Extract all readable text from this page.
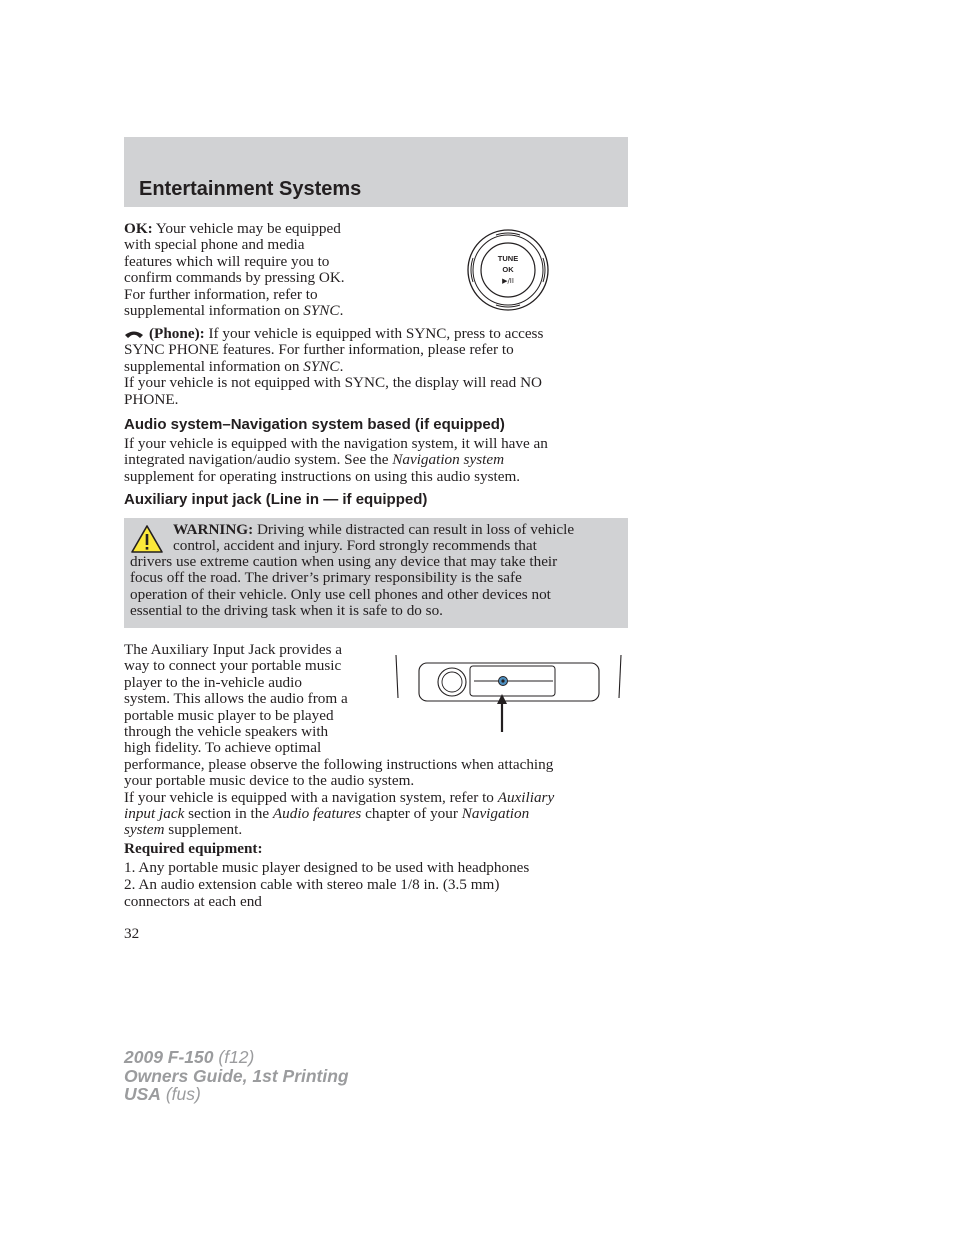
Entertainment Systems

OK: Your vehicle may be equipped

with special phone and media

features which will require you to

confirm commands by pressing OK.

For further information, refer to

supplemental information on SYNC.

TUNE
OK
▶/II

(Phone): If your vehicle is equipped with SYNC, press to access

SYNC PHONE features. For further information, please refer to

supplemental information on SYNC.

If your vehicle is not equipped with SYNC, the display will read NO

PHONE.

Audio system–Navigation system based (if equipped)

If your vehicle is equipped with the navigation system, it will have an

integrated navigation/audio system. See the Navigation system

supplement for operating instructions on using this audio system.

Auxiliary input jack (Line in — if equipped)

WARNING: Driving while distracted can result in loss of vehicle

control, accident and injury. Ford strongly recommends that

drivers use extreme caution when using any device that may take their

focus off the road. The driver’s primary responsibility is the safe

operation of their vehicle. Only use cell phones and other devices not

essential to the driving task when it is safe to do so.

The Auxiliary Input Jack provides a

way to connect your portable music

player to the in-vehicle audio

system. This allows the audio from a

portable music player to be played

through the vehicle speakers with

high fidelity. To achieve optimal

performance, please observe the following instructions when attaching

your portable music device to the audio system.

If your vehicle is equipped with a navigation system, refer to Auxiliary

input jack section in the Audio features chapter of your Navigation

system supplement.

Required equipment:

1. Any portable music player designed to be used with headphones

2. An audio extension cable with stereo male 1/8 in. (3.5 mm)

connectors at each end

32

2009 F-150 (f12)

Owners Guide, 1st Printing

USA (fus)
